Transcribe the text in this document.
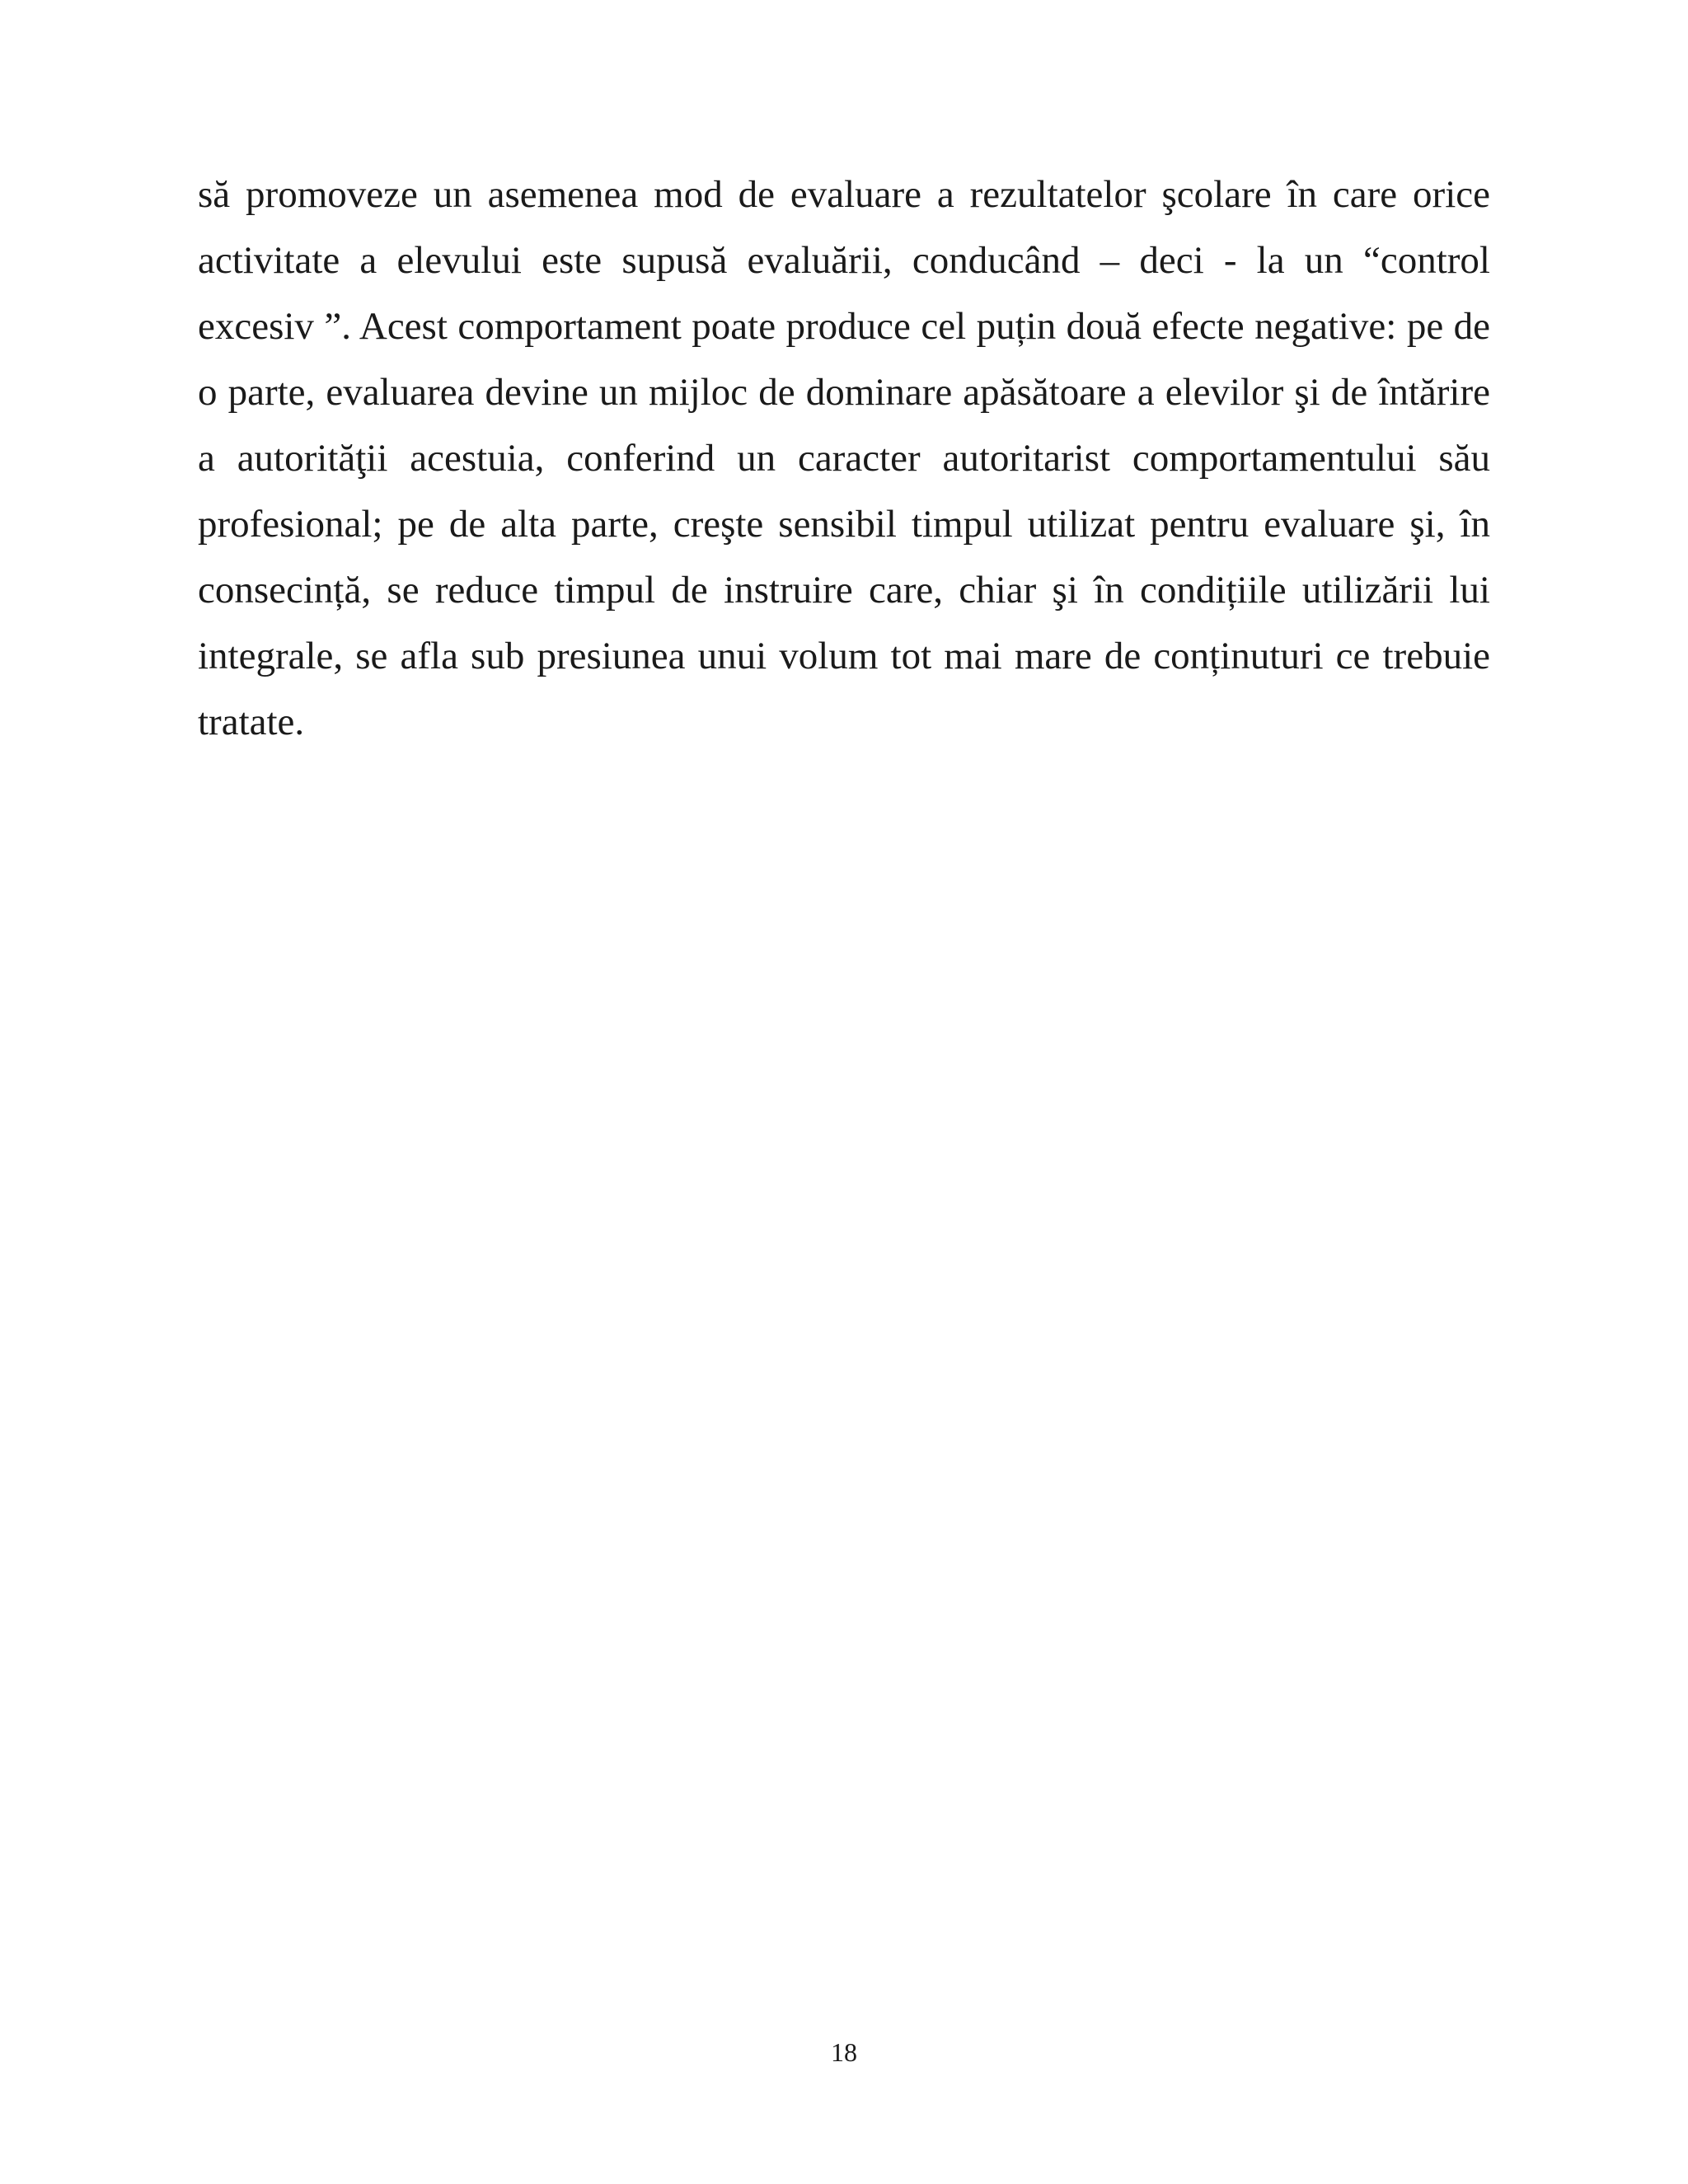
să promoveze un asemenea mod de evaluare a rezultatelor şcolare în care orice
activitate a elevului este supusă evaluării, conducând – deci - la un “control
excesiv ”. Acest comportament poate produce cel puțin două efecte negative: pe de
o parte, evaluarea devine un mijloc de dominare apăsătoare a elevilor şi de întărire
a autorităţii acestuia, conferind un caracter autoritarist comportamentului său
profesional; pe de alta parte, creşte sensibil timpul utilizat pentru evaluare şi, în
consecință, se reduce timpul de instruire care, chiar şi în condițiile utilizării lui
integrale, se afla sub presiunea unui volum tot mai mare de conținuturi ce trebuie
tratate.
18
